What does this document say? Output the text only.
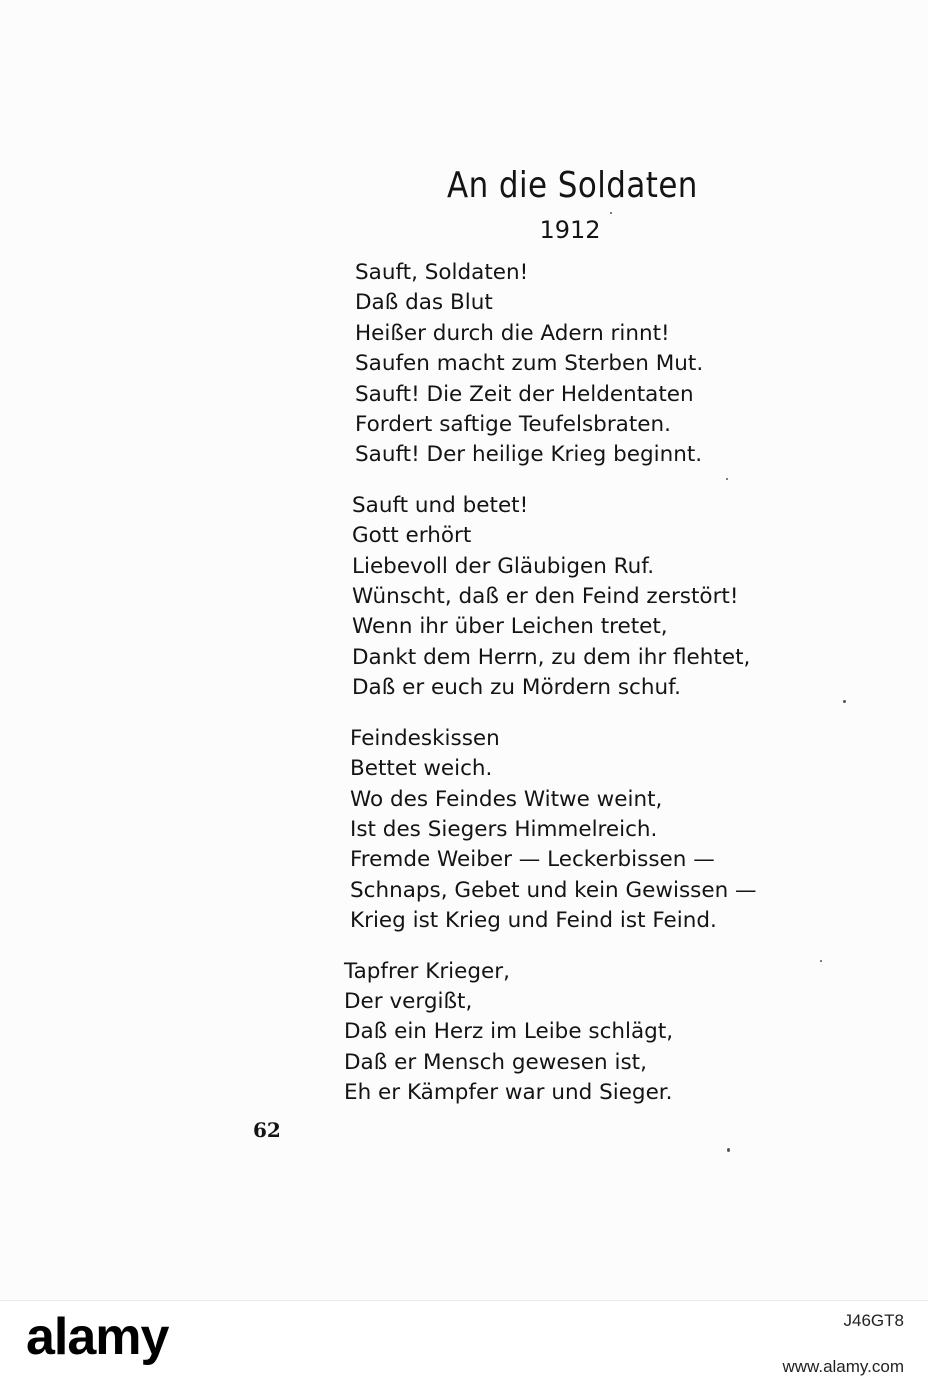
An die Soldaten
1912

Sauft, Soldaten!
Daß das Blut
Heißer durch die Adern rinnt!
Saufen macht zum Sterben Mut.
Sauft! Die Zeit der Heldentaten
Fordert saftige Teufelsbraten.
Sauft! Der heilige Krieg beginnt.

Sauft und betet!
Gott erhört
Liebevoll der Gläubigen Ruf.
Wünscht, daß er den Feind zerstört!
Wenn ihr über Leichen tretet,
Dankt dem Herrn, zu dem ihr flehtet,
Daß er euch zu Mördern schuf.

Feindeskissen
Bettet weich.
Wo des Feindes Witwe weint,
Ist des Siegers Himmelreich.
Fremde Weiber — Leckerbissen —
Schnaps, Gebet und kein Gewissen —
Krieg ist Krieg und Feind ist Feind.

Tapfrer Krieger,
Der vergißt,
Daß ein Herz im Leibe schlägt,
Daß er Mensch gewesen ist,
Eh er Kämpfer war und Sieger.

62
alamy	J46GT8
www.alamy.com
